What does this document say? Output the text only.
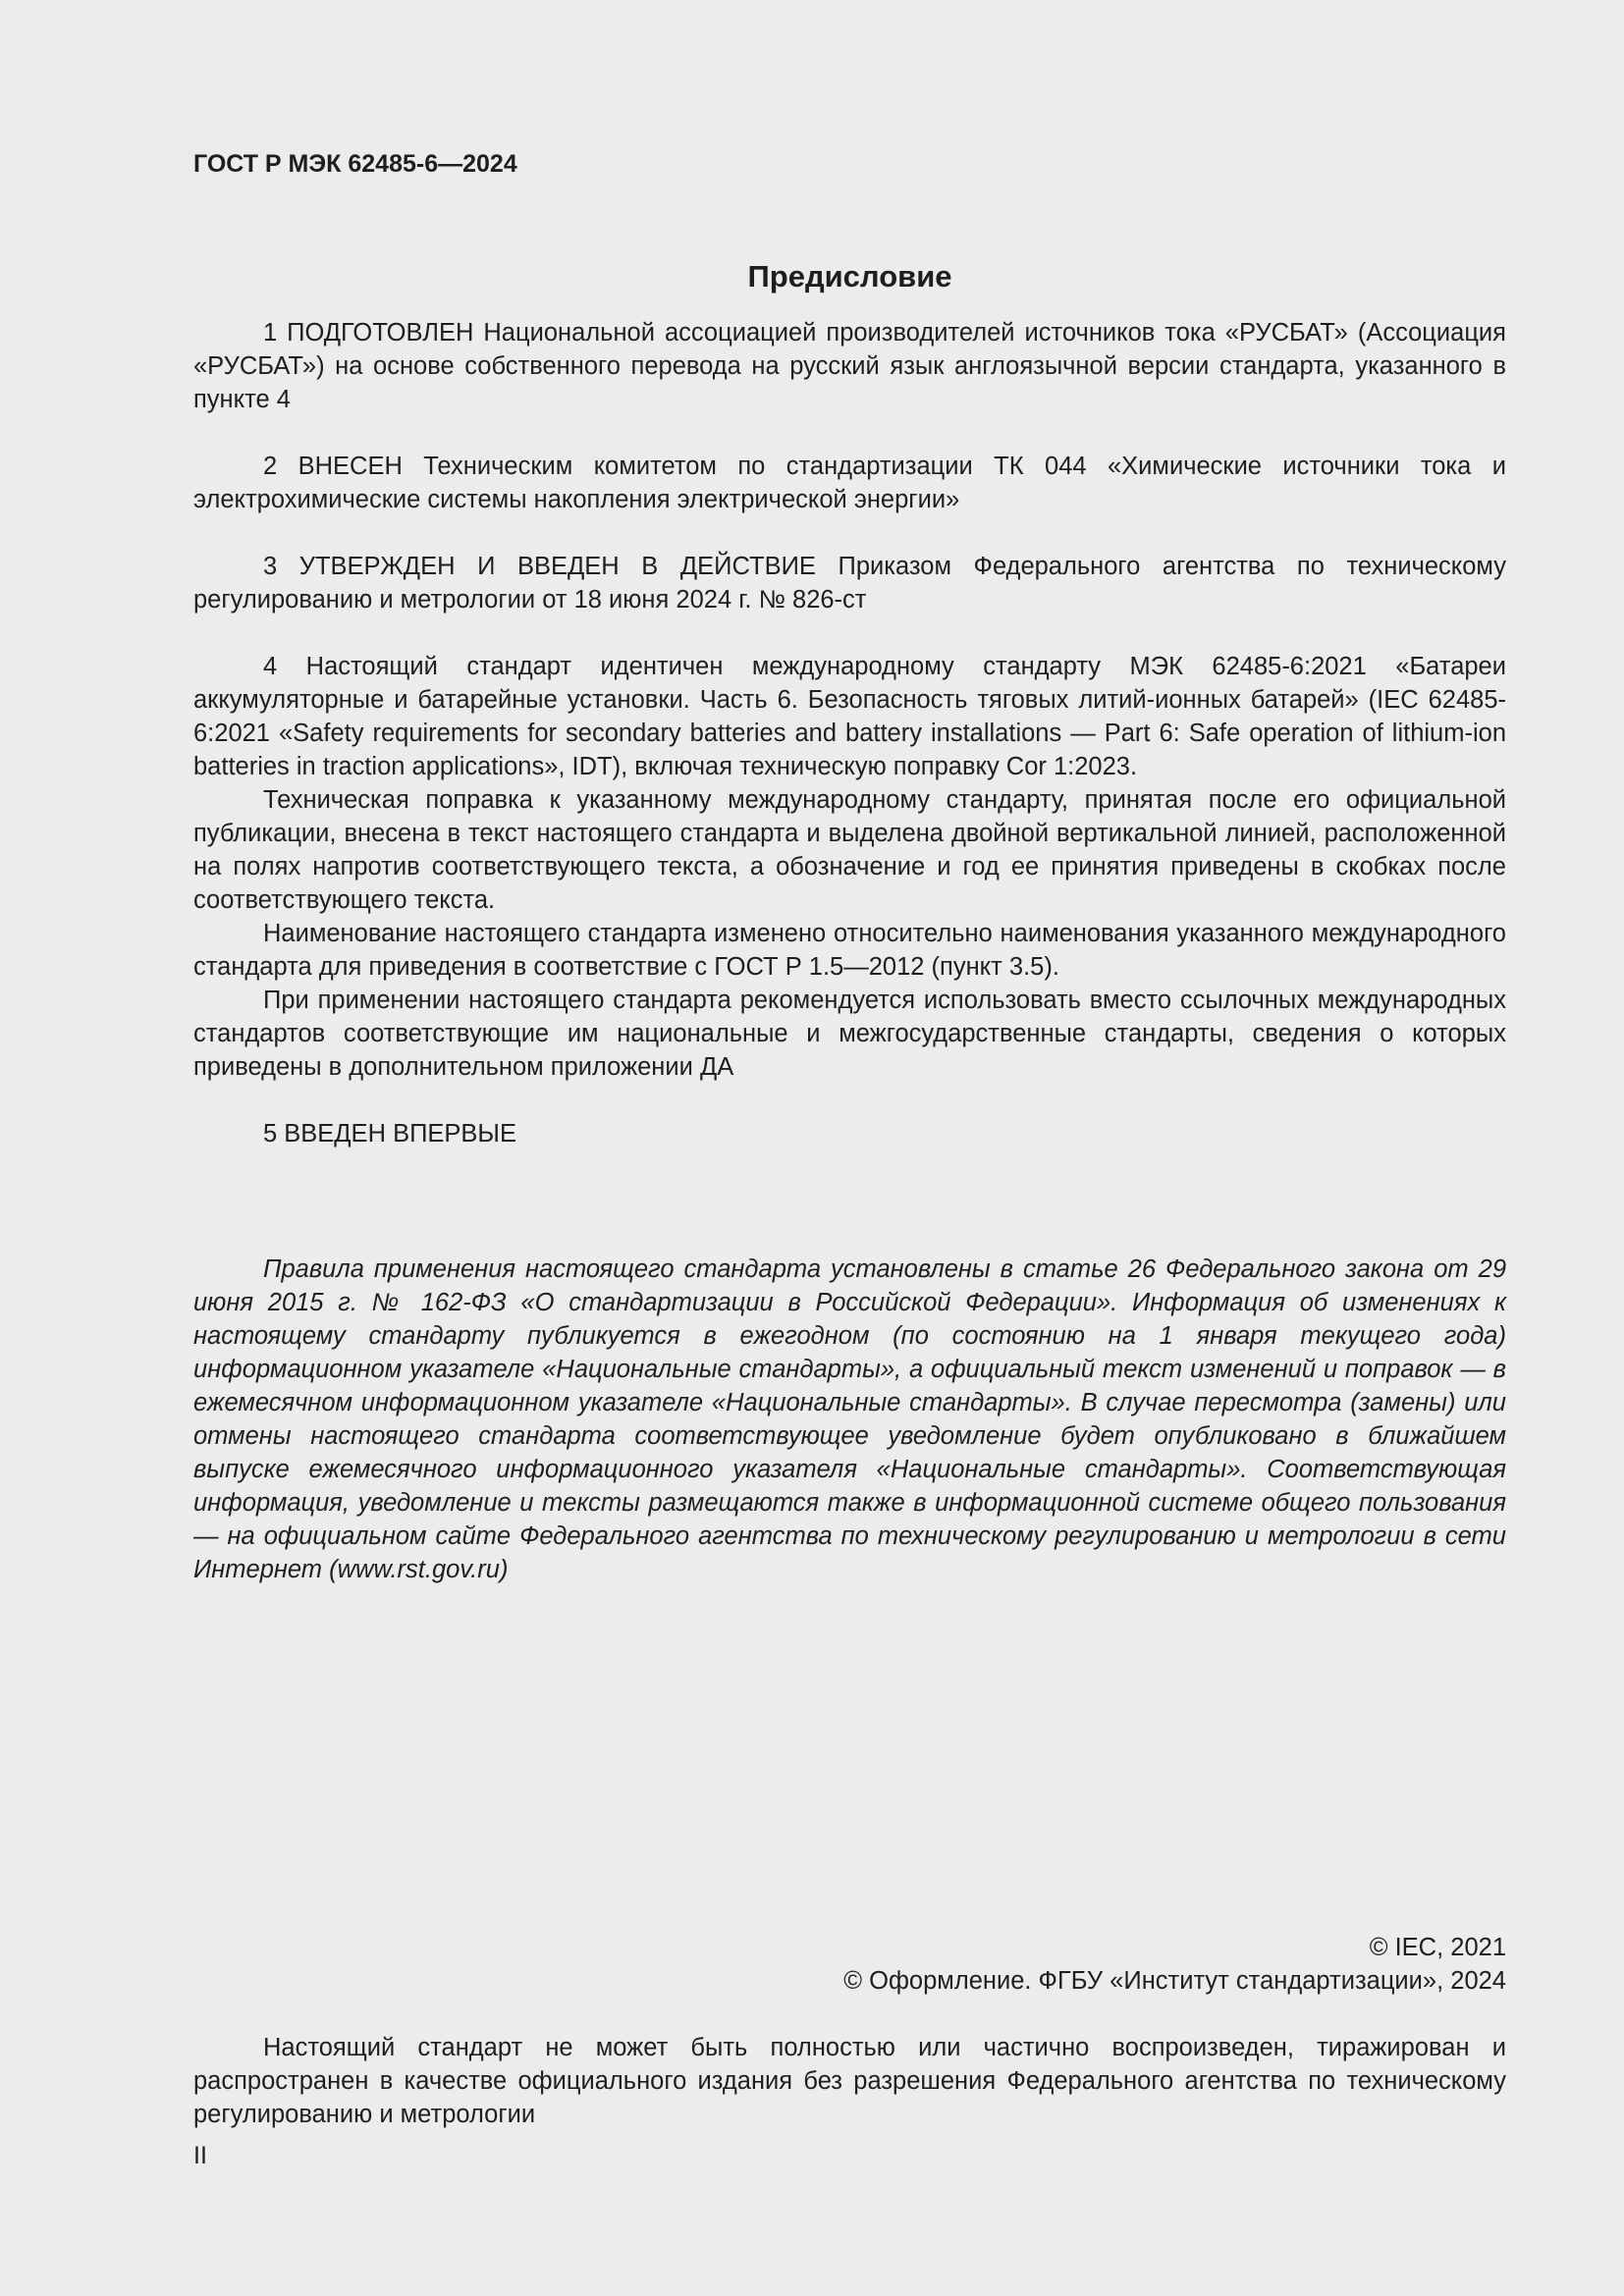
ГОСТ Р МЭК 62485-6—2024

Предисловие

1 ПОДГОТОВЛЕН Национальной ассоциацией производителей источников тока «РУСБАТ» (Ассоциация «РУСБАТ») на основе собственного перевода на русский язык англоязычной версии стандарта, указанного в пункте 4

2 ВНЕСЕН Техническим комитетом по стандартизации ТК 044 «Химические источники тока и электрохимические системы накопления электрической энергии»

3 УТВЕРЖДЕН И ВВЕДЕН В ДЕЙСТВИЕ Приказом Федерального агентства по техническому регулированию и метрологии от 18 июня 2024 г. № 826-ст

4 Настоящий стандарт идентичен международному стандарту МЭК 62485-6:2021 «Батареи аккумуляторные и батарейные установки. Часть 6. Безопасность тяговых литий-ионных батарей» (IEC 62485-6:2021 «Safety requirements for secondary batteries and battery installations — Part 6: Safe operation of lithium-ion batteries in traction applications», IDT), включая техническую поправку Cor 1:2023.

Техническая поправка к указанному международному стандарту, принятая после его официальной публикации, внесена в текст настоящего стандарта и выделена двойной вертикальной линией, расположенной на полях напротив соответствующего текста, а обозначение и год ее принятия приведены в скобках после соответствующего текста.

Наименование настоящего стандарта изменено относительно наименования указанного международного стандарта для приведения в соответствие с ГОСТ Р 1.5—2012 (пункт 3.5).

При применении настоящего стандарта рекомендуется использовать вместо ссылочных международных стандартов соответствующие им национальные и межгосударственные стандарты, сведения о которых приведены в дополнительном приложении ДА

5 ВВЕДЕН ВПЕРВЫЕ

Правила применения настоящего стандарта установлены в статье 26 Федерального закона от 29 июня 2015 г. № 162-ФЗ «О стандартизации в Российской Федерации». Информация об изменениях к настоящему стандарту публикуется в ежегодном (по состоянию на 1 января текущего года) информационном указателе «Национальные стандарты», а официальный текст изменений и поправок — в ежемесячном информационном указателе «Национальные стандарты». В случае пересмотра (замены) или отмены настоящего стандарта соответствующее уведомление будет опубликовано в ближайшем выпуске ежемесячного информационного указателя «Национальные стандарты». Соответствующая информация, уведомление и тексты размещаются также в информационной системе общего пользования — на официальном сайте Федерального агентства по техническому регулированию и метрологии в сети Интернет (www.rst.gov.ru)

© IEC, 2021
© Оформление. ФГБУ «Институт стандартизации», 2024

Настоящий стандарт не может быть полностью или частично воспроизведен, тиражирован и распространен в качестве официального издания без разрешения Федерального агентства по техническому регулированию и метрологии

II
